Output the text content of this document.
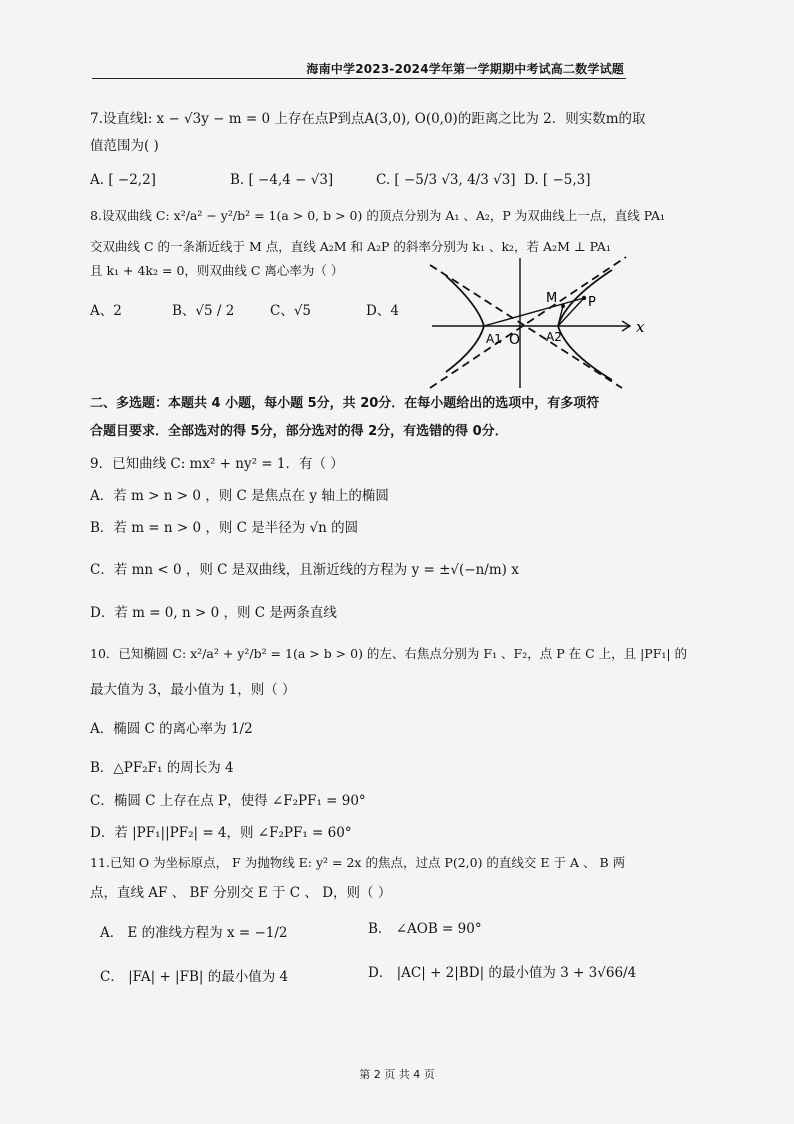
海南中学2023-2024学年第一学期期中考试高二数学试题
7.设直线l: x − √3y − m = 0 上存在点P到点A(3,0), O(0,0)的距离之比为 2．则实数m的取
值范围为( )
A. [ −2,2]	B. [ −4,4 − √3]	C. [ −5/3 √3, 4/3 √3] D. [ −5,3]
8.设双曲线 C: x²/a² − y²/b² = 1(a > 0, b > 0) 的顶点分别为 A₁ 、A₂，P 为双曲线上一点，直线 PA₁
交双曲线 C 的一条渐近线于 M 点，直线 A₂M 和 A₂P 的斜率分别为 k₁ 、k₂，若 A₂M ⊥ PA₁
且 k₁ + 4k₂ = 0，则双曲线 C 离心率为（ ）
A、2	B、√5 / 2	C、√5	D、4
M P
A1 O A2
x
二、多选题：本题共 4 小题，每小题 5分，共 20分．在每小题给出的选项中，有多项符
合题目要求．全部选对的得 5分，部分选对的得 2分，有选错的得 0分．
9．已知曲线 C: mx² + ny² = 1．有（ ）
A．若 m > n > 0 ，则 C 是焦点在 y 轴上的椭圆
B．若 m = n > 0 ，则 C 是半径为 √n 的圆
C．若 mn < 0 ，则 C 是双曲线，且渐近线的方程为 y = ±√(−n/m) x
D．若 m = 0, n > 0 ，则 C 是两条直线
10．已知椭圆 C: x²/a² + y²/b² = 1(a > b > 0) 的左、右焦点分别为 F₁ 、F₂，点 P 在 C 上，且 |PF₁| 的
最大值为 3，最小值为 1，则（ ）
A．椭圆 C 的离心率为 1/2
B．△PF₂F₁ 的周长为 4
C．椭圆 C 上存在点 P，使得 ∠F₂PF₁ = 90°
D．若 |PF₁||PF₂| = 4，则 ∠F₂PF₁ = 60°
11.已知 O 为坐标原点， F 为抛物线 E: y² = 2x 的焦点，过点 P(2,0) 的直线交 E 于 A 、 B 两
点，直线 AF 、 BF 分别交 E 于 C 、 D，则（ ）
A． E 的准线方程为 x = −1/2	B． ∠AOB = 90°
C． |FA| + |FB| 的最小值为 4	D． |AC| + 2|BD| 的最小值为 3 + 3√66/4
第 2 页 共 4 页
